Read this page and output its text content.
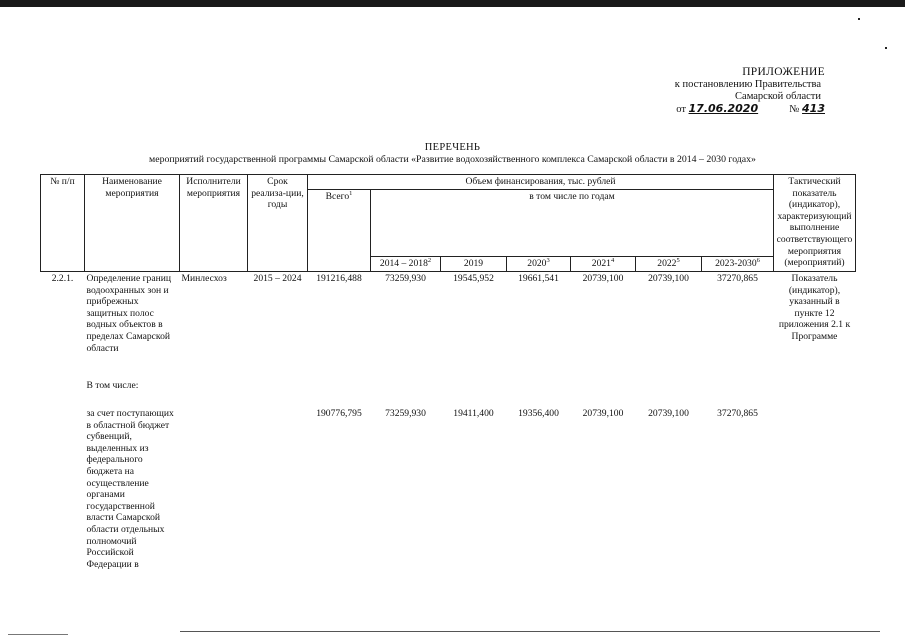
ПРИЛОЖЕНИЕ
к постановлению Правительства
Самарской области
от 17.06.2020	№ 413
ПЕРЕЧЕНЬ
мероприятий государственной программы Самарской области «Развитие водохозяйственного комплекса Самарской области в 2014 – 2030 годах»
№ п/п	Наименование мероприятия	Исполнители мероприятия	Срок реализа-ции, годы	Объем финансирования, тыс. рублей							Тактический показатель (индикатор), характеризующий выполнение соответствующего мероприятия (мероприятий)
				Всего$^1$	в том числе по годам						
					2014 – 2018$^2$	2019	2020$^3$	2021$^4$	2022$^5$	2023-2030$^6$
2.2.1.	Определение границ водоохранных зон и прибрежных защитных полос водных объектов в пределах Самарской области	Минлесхоз	2015 – 2024	191216,488	73259,930	19545,952	19661,541	20739,100	20739,100	37270,865	Показатель (индикатор), указанный в пункте 12 приложения 2.1 к Программе
	В том числе:										
	за счет поступающих в областной бюджет субвенций, выделенных из федерального бюджета на осуществление органами государственной власти Самарской области отдельных полномочий Российской Федерации в			190776,795	73259,930	19411,400	19356,400	20739,100	20739,100	37270,865	
